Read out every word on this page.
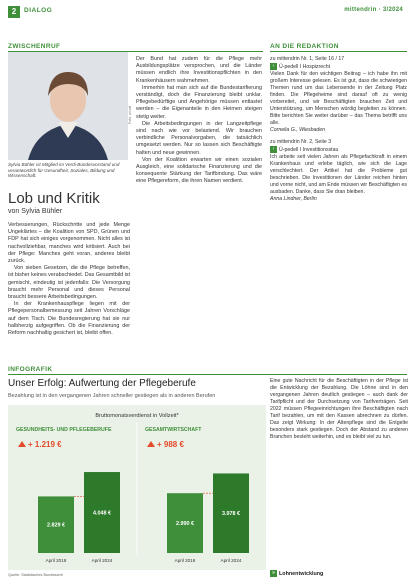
2	DIALOG	mittendrin · 3/2024
ZWISCHENRUF
Foto: privat
Sylvia Bühler ist Mitglied im Verdi-Bundesvorstand und verantwortlich für Gesundheit, Soziales, Bildung und Wissenschaft.
Lob und Kritik
von Sylvia Bühler

Verbesserungen, Rückschritte und jede Menge Ungeklärtes – die Koalition von SPD, Grünen und FDP hat sich einiges vorgenommen. Nicht alles ist nachvollziehbar, manches wird kritisiert. Auch bei der Pflege: Manches geht voran, anderes bleibt zurück.

Von sieben Gesetzen, die die Pflege betreffen, ist bisher keines verabschiedet. Das Gesamtbild ist gemischt, eindeutig ist jedenfalls: Die Versorgung braucht mehr Personal und dieses Personal braucht bessere Arbeitsbedingungen.

In der Krankenhauspflege liegen mit der Pflegepersonalbemessung seit Jahren Vorschläge auf dem Tisch. Die Bundesregierung hat sie nur halbherzig aufgegriffen. Ob die Finanzierung der Reform nachhaltig gesichert ist, bleibt offen.

Der Bund hat zudem für die Pflege mehr Ausbildungsplätze versprochen, und die Länder müssen endlich ihre Investitionspflichten in den Krankenhäusern wahrnehmen.

Immerhin hat man sich auf die Bundestarifierung verständigt, doch die Finanzierung bleibt unklar. Pflegebedürftige und Angehörige müssen entlastet werden – die Eigenanteile in den Heimen steigen stetig weiter.

Die Arbeitsbedingungen in der Langzeitpflege sind nach wie vor belastend. Wir brauchen verbindliche Personalvorgaben, die tatsächlich umgesetzt werden. Nur so lassen sich Beschäftigte halten und neue gewinnen.

Von der Koalition erwarten wir einen sozialen Ausgleich, eine solidarische Finanzierung und die konsequente Stärkung der Tarifbindung. Das wäre eine Pflegereform, die ihren Namen verdient.

AN DIE REDAKTION
zu mittendrin Nr. 1, Seite 16 / 17
› Ü-pedell I Hospizrecht
Vielen Dank für den wichtigen Beitrag – ich habe ihn mit großem Interesse gelesen. Es ist gut, dass die schwierigen Themen rund um das Lebensende in der Zeitung Platz finden. Die Pflegeheime sind darauf oft zu wenig vorbereitet, und wir Beschäftigten brauchen Zeit und Unterstützung, um Menschen würdig begleiten zu können. Bitte berichten Sie weiter darüber – das Thema betrifft uns alle.
Cornelia G., Wiesbaden
zu mittendrin Nr. 2, Seite 3
› Ü-pedell I Investitionsstau
Ich arbeite seit vielen Jahren als Pflegefachkraft in einem Krankenhaus und erlebe täglich, wie sich die Lage verschlechtert. Der Artikel hat die Probleme gut beschrieben. Die Investitionen der Länder reichen hinten und vorne nicht, und am Ende müssen wir Beschäftigten es ausbaden. Danke, dass Sie dran bleiben.
Anna Lindner, Berlin
INFOGRAFIK
Unser Erfolg: Aufwertung der Pflegeberufe
Bezahlung ist in den vergangenen Jahren schneller gestiegen als in anderen Berufen
Bruttomonatsverdienst in Vollzeit*
GESUNDHEITS- UND PFLEGEBERUFE
+ 1.219 €
2.829 €
April 2019
4.048 €
April 2024
GESAMTWIRTSCHAFT
+ 988 €
2.990 €
April 2019
3.978 €
April 2024
Quelle: Statistisches Bundesamt
Eine gute Nachricht für die Beschäftigten in der Pflege ist die Entwicklung der Bezahlung. Die Löhne sind in den vergangenen Jahren deutlich gestiegen – auch dank der Tarifpflicht und der Durchsetzung von Tarifverträgen. Seit 2022 müssen Pflegeeinrichtungen ihre Beschäftigten nach Tarif bezahlen, um mit den Kassen abrechnen zu dürfen. Das zeigt Wirkung: In der Altenpflege sind die Entgelte besonders stark gestiegen. Doch der Abstand zu anderen Branchen besteht weiterhin, und es bleibt viel zu tun.
» Lohnentwicklung
